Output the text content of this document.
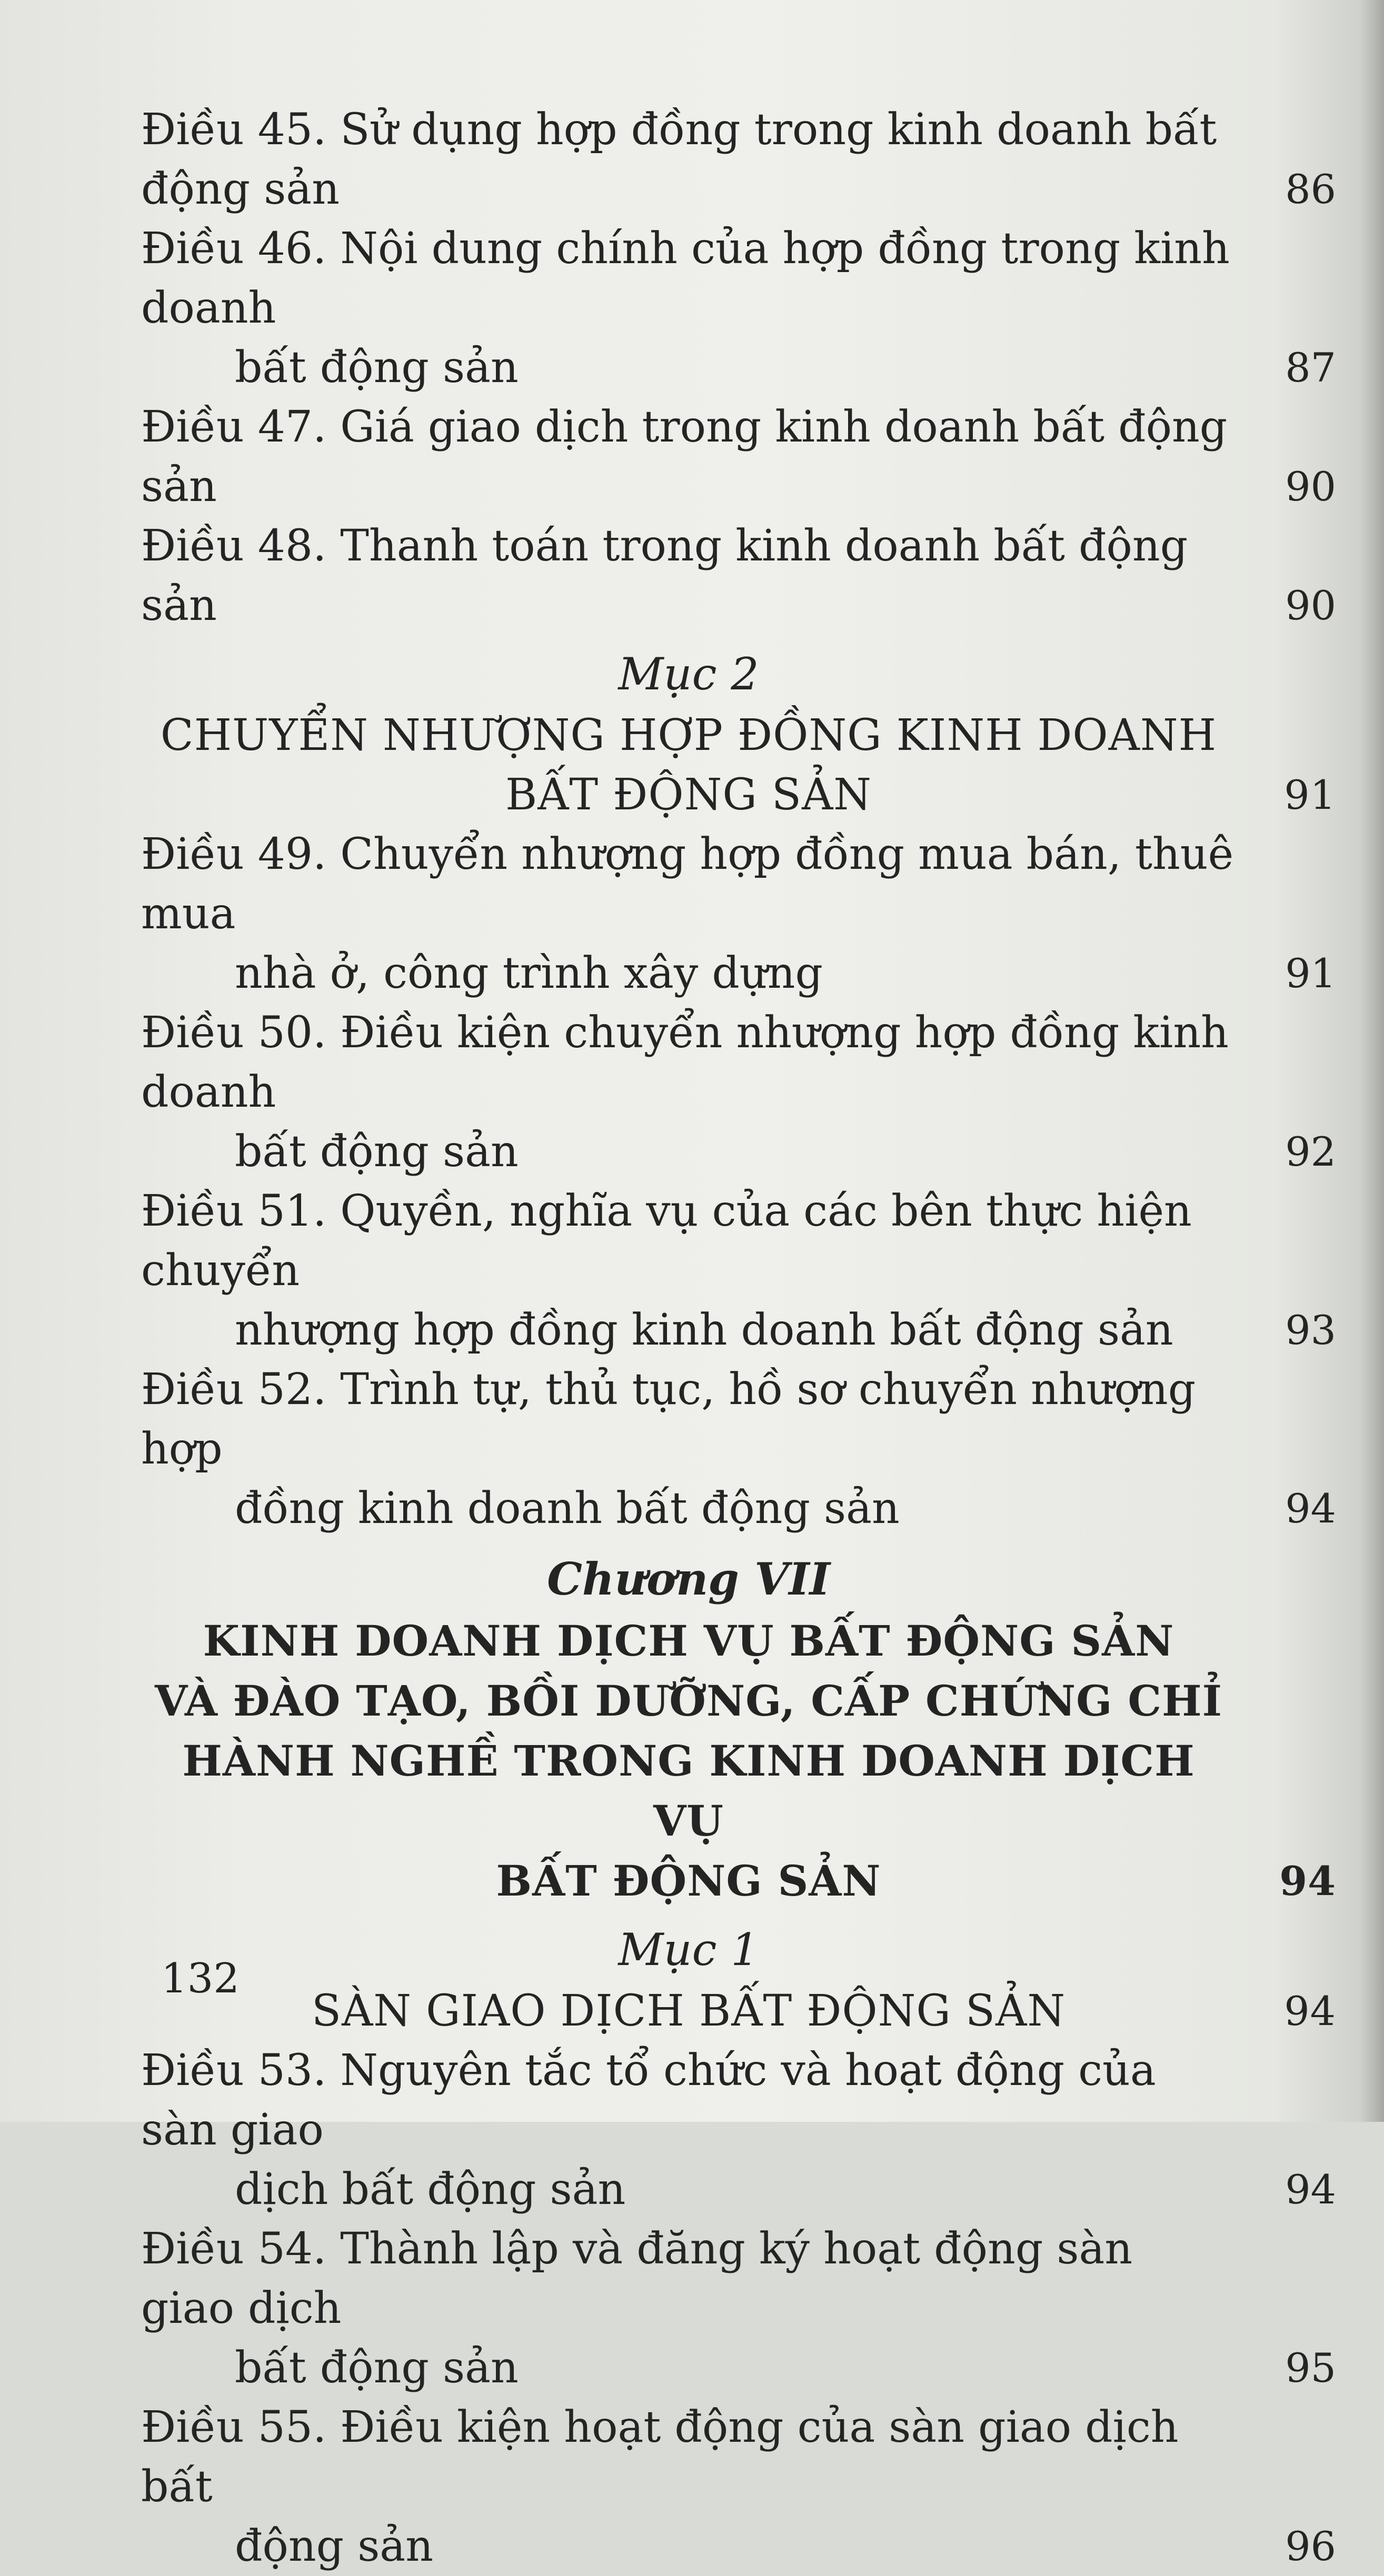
Điều 45. Sử dụng hợp đồng trong kinh doanh bất động sản	86
Điều 46. Nội dung chính của hợp đồng trong kinh doanh
bất động sản	87
Điều 47. Giá giao dịch trong kinh doanh bất động sản	90
Điều 48. Thanh toán trong kinh doanh bất động sản	90
Mục 2
CHUYỂN NHƯỢNG HỢP ĐỒNG KINH DOANH
BẤT ĐỘNG SẢN	91
Điều 49. Chuyển nhượng hợp đồng mua bán, thuê mua
nhà ở, công trình xây dựng	91
Điều 50. Điều kiện chuyển nhượng hợp đồng kinh doanh
bất động sản	92
Điều 51. Quyền, nghĩa vụ của các bên thực hiện chuyển
nhượng hợp đồng kinh doanh bất động sản	93
Điều 52. Trình tự, thủ tục, hồ sơ chuyển nhượng hợp
đồng kinh doanh bất động sản	94
Chương VII
KINH DOANH DỊCH VỤ BẤT ĐỘNG SẢN
VÀ ĐÀO TẠO, BỒI DƯỠNG, CẤP CHỨNG CHỈ
HÀNH NGHỀ TRONG KINH DOANH DỊCH VỤ
BẤT ĐỘNG SẢN	94
Mục 1
SÀN GIAO DỊCH BẤT ĐỘNG SẢN	94
Điều 53. Nguyên tắc tổ chức và hoạt động của sàn giao
dịch bất động sản	94
Điều 54. Thành lập và đăng ký hoạt động sàn giao dịch
bất động sản	95
Điều 55. Điều kiện hoạt động của sàn giao dịch bất
động sản	96
132
